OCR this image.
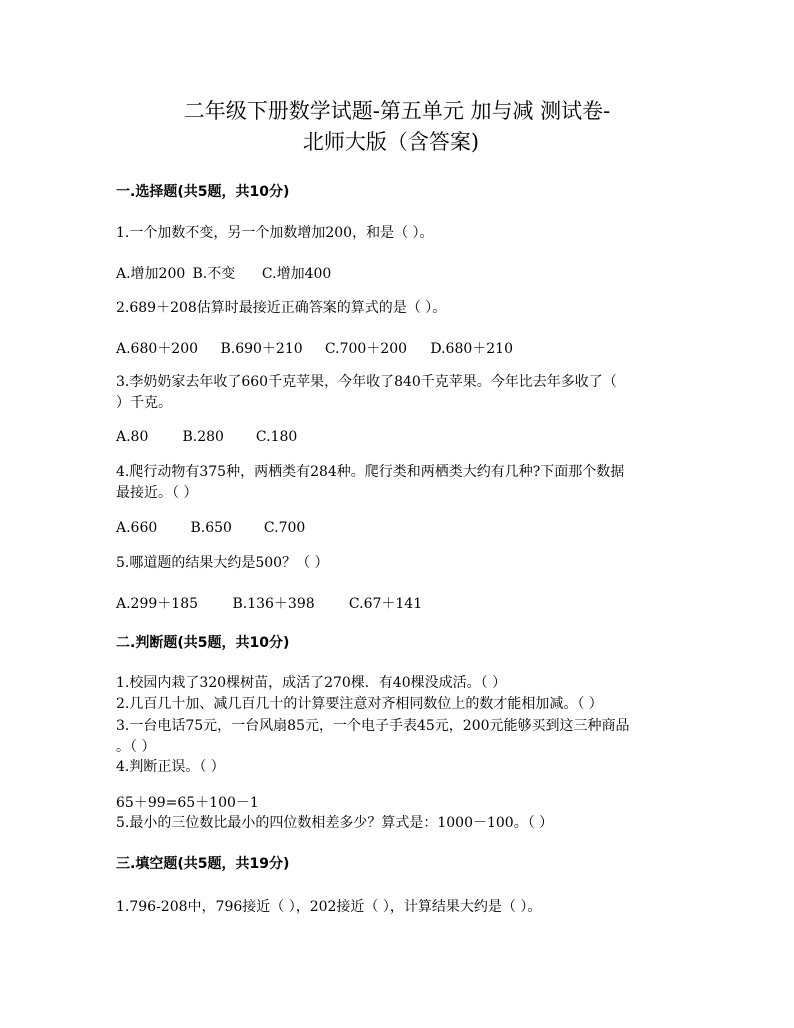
二年级下册数学试题-第五单元 加与减 测试卷-
北师大版（含答案)
一.选择题(共5题，共10分)
1.一个加数不变，另一个加数增加200，和是（ ）。
A.增加200 B.不变 C.增加400
2.689＋208估算时最接近正确答案的算式的是（ ）。
A.680＋200 B.690＋210 C.700＋200 D.680＋210
3.李奶奶家去年收了660千克苹果，今年收了840千克苹果。今年比去年多收了（
）千克。
A.80 B.280 C.180
4.爬行动物有375种，两栖类有284种。爬行类和两栖类大约有几种?下面那个数据
最接近。（ ）
A.660 B.650 C.700
5.哪道题的结果大约是500？（ ）
A.299＋185 B.136＋398 C.67＋141
二.判断题(共5题，共10分)
1.校园内栽了320棵树苗，成活了270棵．有40棵没成活。（ ）
2.几百几十加、减几百几十的计算要注意对齐相同数位上的数才能相加减。（ ）
3.一台电话75元，一台风扇85元，一个电子手表45元，200元能够买到这三种商品
。（ ）
4.判断正误。（ ）
65＋99=65＋100－1
5.最小的三位数比最小的四位数相差多少？算式是：1000－100。（ ）
三.填空题(共5题，共19分)
1.796-208中，796接近（ ），202接近（ ），计算结果大约是（ ）。
